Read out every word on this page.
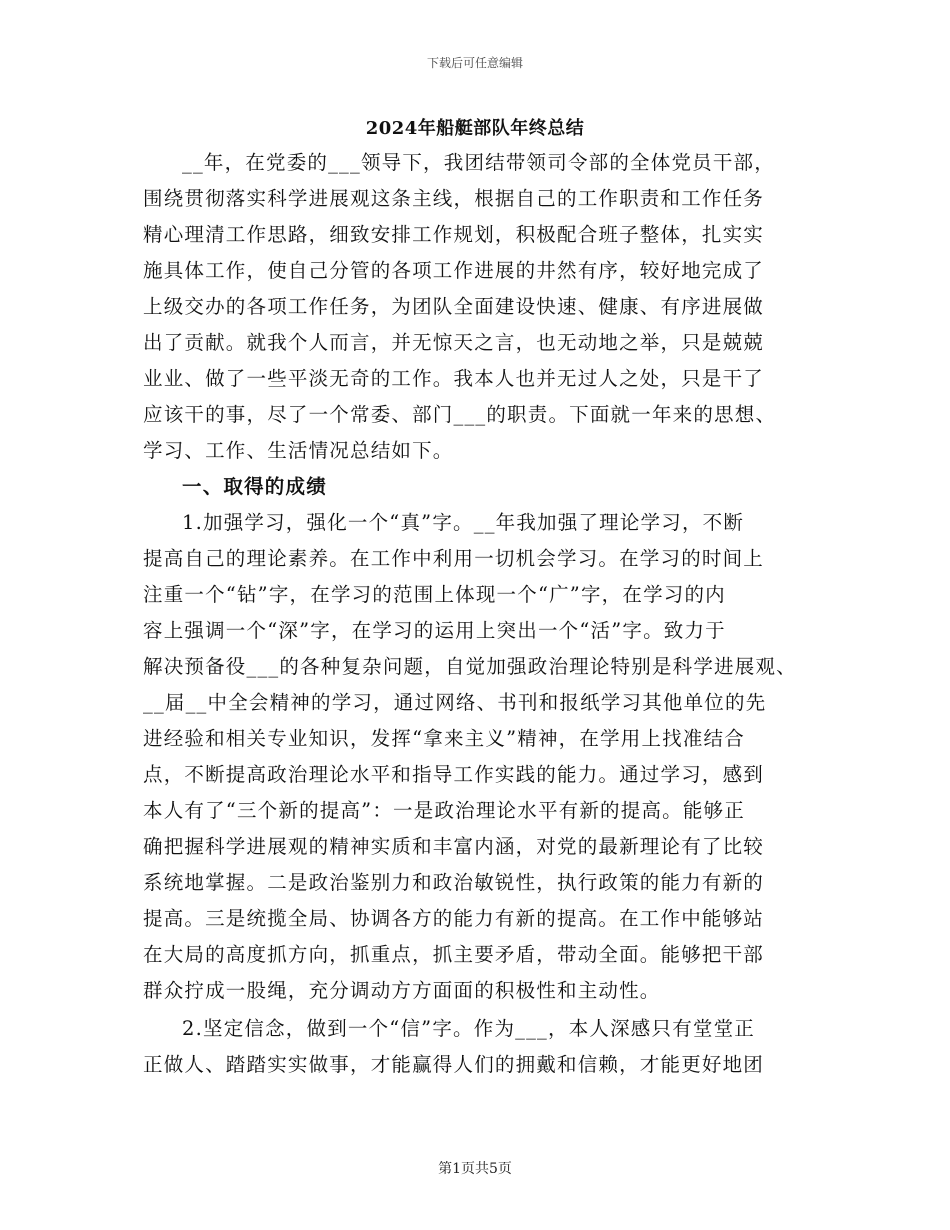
下载后可任意编辑
2024年船艇部队年终总结
__年，在党委的___领导下，我团结带领司令部的全体党员干部，
围绕贯彻落实科学进展观这条主线，根据自己的工作职责和工作任务
精心理清工作思路，细致安排工作规划，积极配合班子整体，扎实实
施具体工作，使自己分管的各项工作进展的井然有序，较好地完成了
上级交办的各项工作任务，为团队全面建设快速、健康、有序进展做
出了贡献。就我个人而言，并无惊天之言，也无动地之举，只是兢兢
业业、做了一些平淡无奇的工作。我本人也并无过人之处，只是干了
应该干的事，尽了一个常委、部门___的职责。下面就一年来的思想、
学习、工作、生活情况总结如下。
一、取得的成绩
1.加强学习，强化一个“真”字。__年我加强了理论学习，不断
提高自己的理论素养。在工作中利用一切机会学习。在学习的时间上
注重一个“钻”字，在学习的范围上体现一个“广”字，在学习的内
容上强调一个“深”字，在学习的运用上突出一个“活”字。致力于
解决预备役___的各种复杂问题，自觉加强政治理论特别是科学进展观、
__届__中全会精神的学习，通过网络、书刊和报纸学习其他单位的先
进经验和相关专业知识，发挥“拿来主义”精神，在学用上找准结合
点，不断提高政治理论水平和指导工作实践的能力。通过学习，感到
本人有了“三个新的提高”：一是政治理论水平有新的提高。能够正
确把握科学进展观的精神实质和丰富内涵，对党的最新理论有了比较
系统地掌握。二是政治鉴别力和政治敏锐性，执行政策的能力有新的
提高。三是统揽全局、协调各方的能力有新的提高。在工作中能够站
在大局的高度抓方向，抓重点，抓主要矛盾，带动全面。能够把干部
群众拧成一股绳，充分调动方方面面的积极性和主动性。
2.坚定信念，做到一个“信”字。作为___，本人深感只有堂堂正
正做人、踏踏实实做事，才能赢得人们的拥戴和信赖，才能更好地团
第1页共5页
